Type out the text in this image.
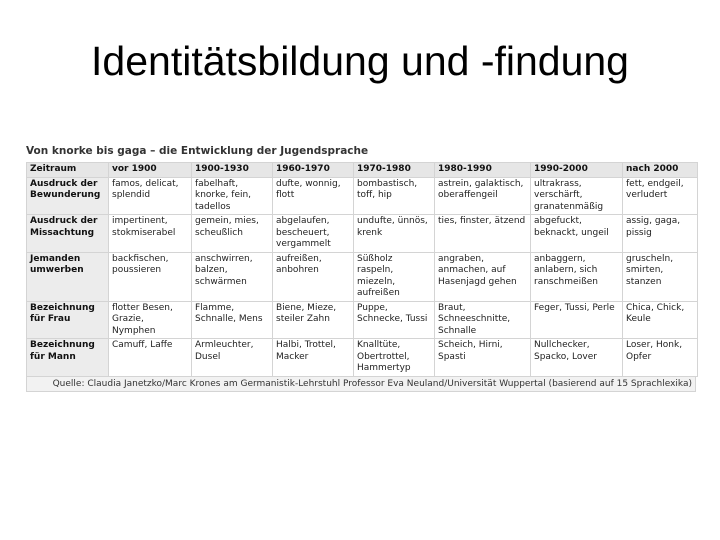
Identitätsbildung und -findung
Von knorke bis gaga – die Entwicklung der Jugendsprache
Zeitraum	vor 1900	1900-1930	1960-1970	1970-1980	1980-1990	1990-2000	nach 2000
Ausdruck der Bewunderung	famos, delicat, splendid	fabelhaft, knorke, fein, tadellos	dufte, wonnig, flott	bombastisch, toff, hip	astrein, galaktisch, oberaffengeil	ultrakrass, verschärft, granatenmäßig	fett, endgeil, verludert
Ausdruck der Missachtung	impertinent, stokmiserabel	gemein, mies, scheußlich	abgelaufen, bescheuert, vergammelt	undufte, ünnös, krenk	ties, finster, ätzend	abgefuckt, beknackt, ungeil	assig, gaga, pissig
Jemanden umwerben	backfischen, poussieren	anschwirren, balzen, schwärmen	aufreißen, anbohren	Süßholz raspeln, miezeln, aufreißen	angraben, anmachen, auf Hasenjagd gehen	anbaggern, anlabern, sich ranschmeißen	gruscheln, smirten, stanzen
Bezeichnung für Frau	flotter Besen, Grazie, Nymphen	Flamme, Schnalle, Mens	Biene, Mieze, steiler Zahn	Puppe, Schnecke, Tussi	Braut, Schneeschnitte, Schnalle	Feger, Tussi, Perle	Chica, Chick, Keule
Bezeichnung für Mann	Camuff, Laffe	Armleuchter, Dusel	Halbi, Trottel, Macker	Knalltüte, Obertrottel, Hammertyp	Scheich, Hirni, Spasti	Nullchecker, Spacko, Lover	Loser, Honk, Opfer
Quelle: Claudia Janetzko/Marc Krones am Germanistik-Lehrstuhl Professor Eva Neuland/Universität Wuppertal (basierend auf 15 Sprachlexika)
